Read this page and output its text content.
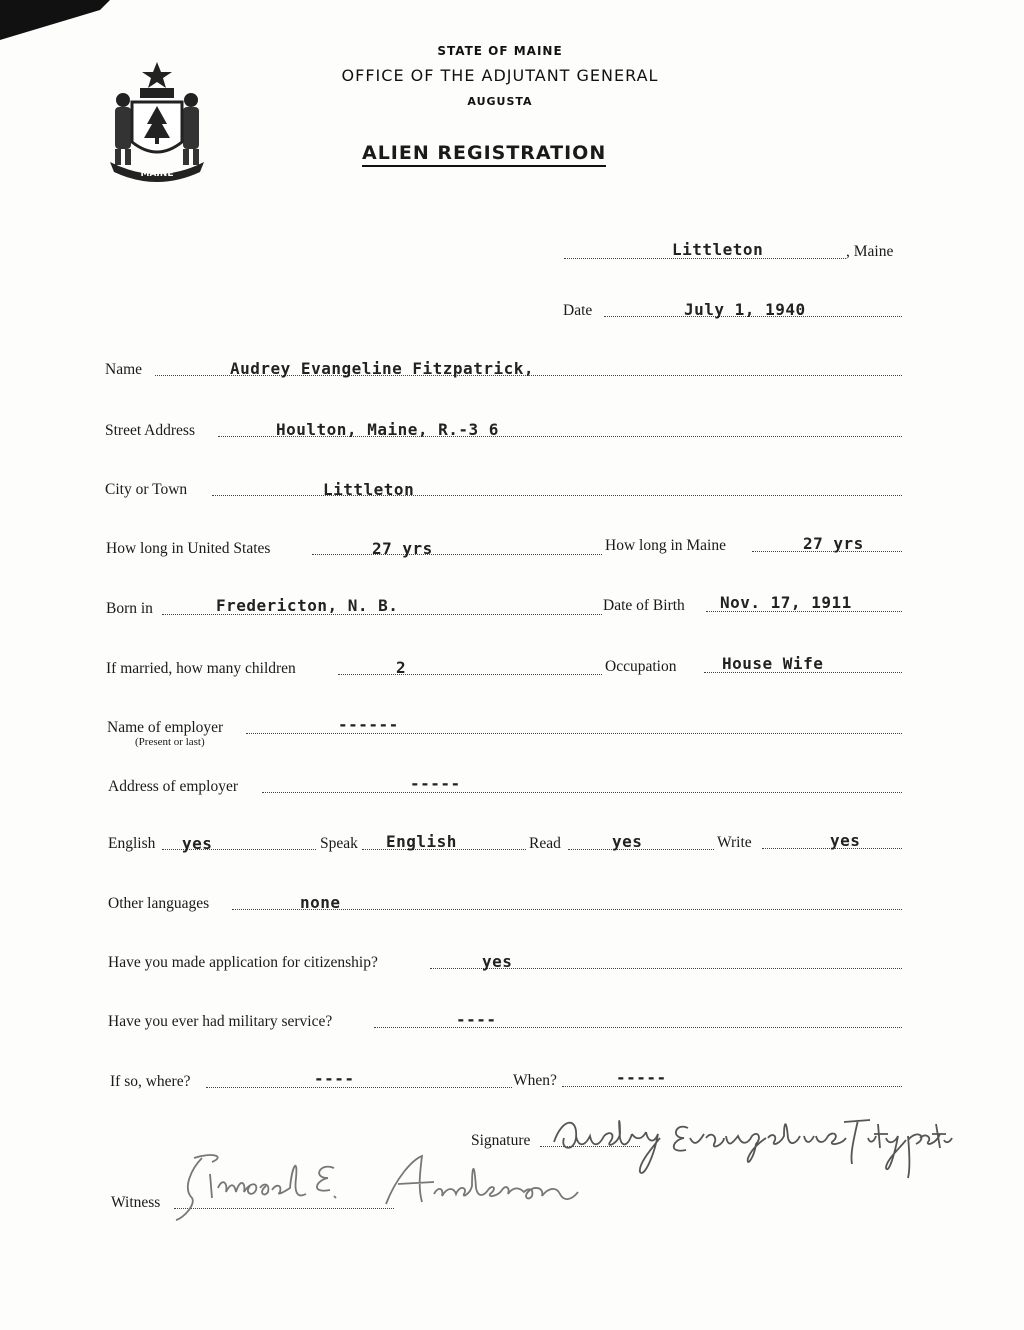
MAINE
STATE OF MAINE
OFFICE OF THE ADJUTANT GENERAL
AUGUSTA
ALIEN REGISTRATION
Littleton	, Maine
Date	July 1, 1940
Name	Audrey Evangeline Fitzpatrick,
Street Address	Houlton, Maine, R.-3 6
City or Town	Littleton
How long in United States	27 yrs	How long in Maine	27 yrs
Born in	Fredericton, N. B.	Date of Birth Nov. 17, 1911
If married, how many children	2	Occupation	House Wife
Name of employer
(Present or last)
------
Address of employer	-----
English yes	Speak English	Read	yes	Write	yes
Other languages	none
Have you made application for citizenship?	yes
Have you ever had military service?	----
If so, where?	----	When?	-----
Signature
Witness
